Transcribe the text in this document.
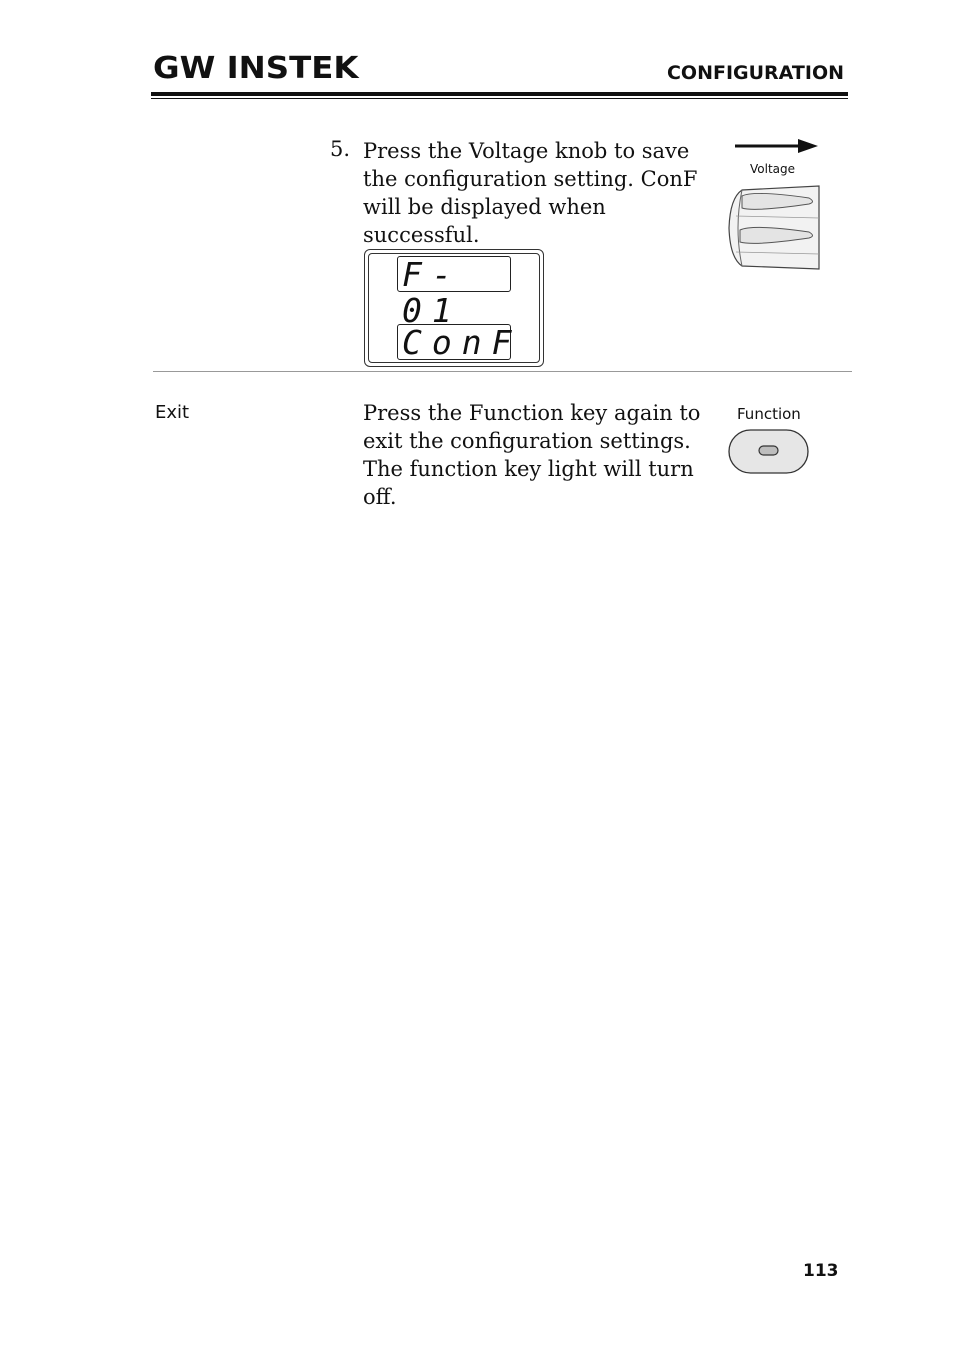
GW INSTEK	CONFIGURATION
5. Press the Voltage knob to save the configuration setting. ConF will be displayed when successful.
Voltage
F-01
ConF
Exit	Press the Function key again to exit the configuration settings. The function key light will turn off.
Function
113
